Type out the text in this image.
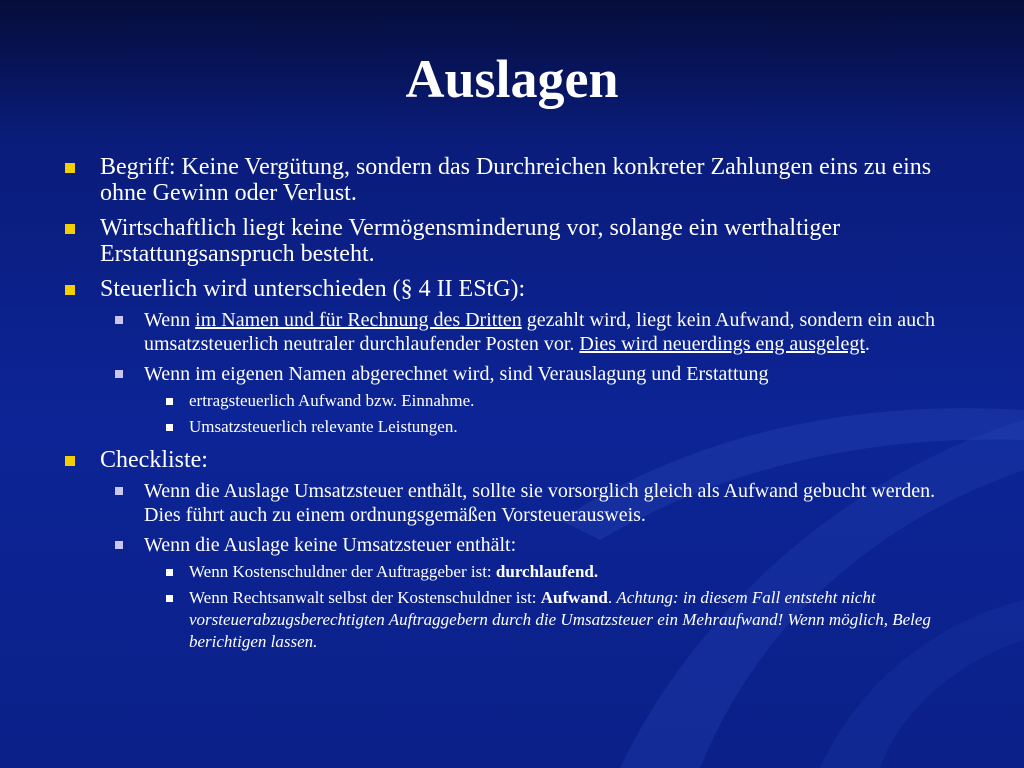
Auslagen
Begriff: Keine Vergütung, sondern das Durchreichen konkreter Zahlungen eins zu eins ohne Gewinn oder Verlust.
Wirtschaftlich liegt keine Vermögensminderung vor, solange ein werthaltiger Erstattungsanspruch besteht.
Steuerlich wird unterschieden (§ 4 II EStG):
Wenn im Namen und für Rechnung des Dritten gezahlt wird, liegt kein Aufwand, sondern ein auch umsatzsteuerlich neutraler durchlaufender Posten vor. Dies wird neuerdings eng ausgelegt.
Wenn im eigenen Namen abgerechnet wird, sind Verauslagung und Erstattung
ertragsteuerlich Aufwand bzw. Einnahme.
Umsatzsteuerlich relevante Leistungen.
Checkliste:
Wenn die Auslage Umsatzsteuer enthält, sollte sie vorsorglich gleich als Aufwand gebucht werden. Dies führt auch zu einem ordnungsgemäßen Vorsteuerausweis.
Wenn die Auslage keine Umsatzsteuer enthält:
Wenn Kostenschuldner der Auftraggeber ist: durchlaufend.
Wenn Rechtsanwalt selbst der Kostenschuldner ist: Aufwand. Achtung: in diesem Fall entsteht nicht vorsteuerabzugsberechtigten Auftraggebern durch die Umsatzsteuer ein Mehraufwand! Wenn möglich, Beleg berichtigen lassen.
